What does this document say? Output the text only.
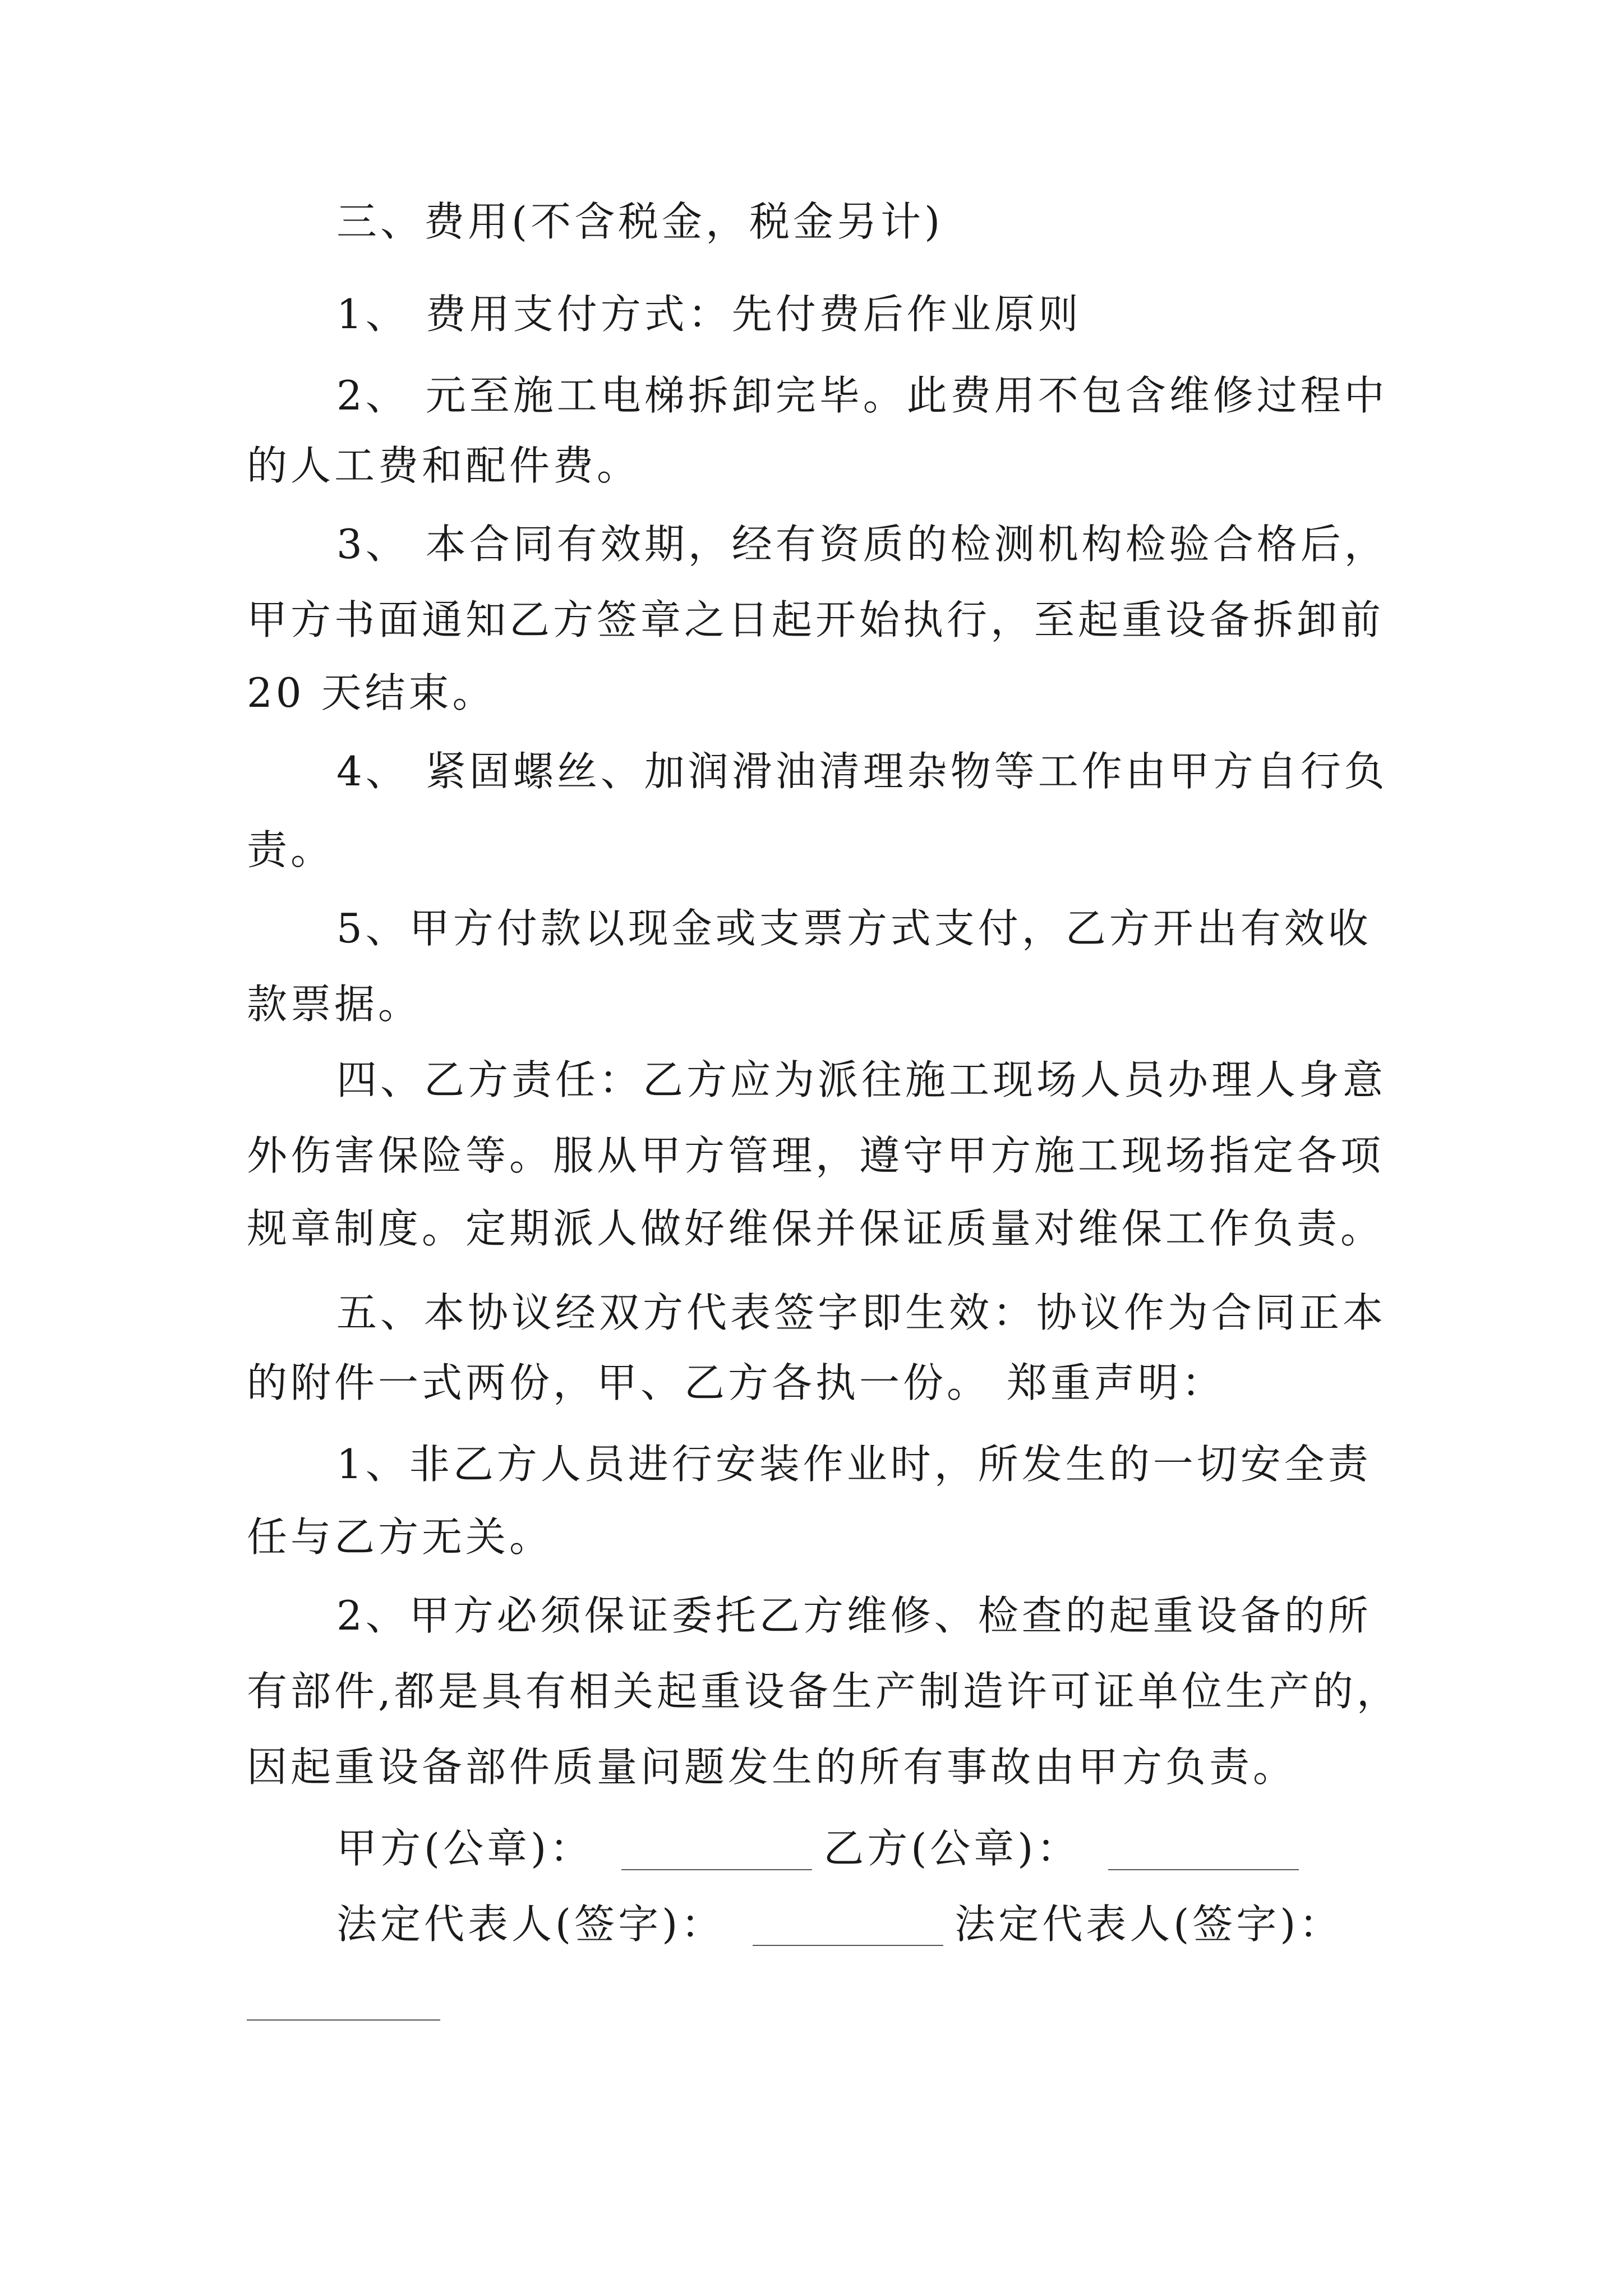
三、费用(不含税金，税金另计)
1、 费用支付方式：先付费后作业原则
2、 元至施工电梯拆卸完毕。此费用不包含维修过程中
的人工费和配件费。
3、 本合同有效期，经有资质的检测机构检验合格后，
甲方书面通知乙方签章之日起开始执行，至起重设备拆卸前
20 天结束。
4、 紧固螺丝、加润滑油清理杂物等工作由甲方自行负
责。
5、甲方付款以现金或支票方式支付，乙方开出有效收
款票据。
四、乙方责任：乙方应为派往施工现场人员办理人身意
外伤害保险等。服从甲方管理，遵守甲方施工现场指定各项
规章制度。定期派人做好维保并保证质量对维保工作负责。
五、本协议经双方代表签字即生效：协议作为合同正本
的附件一式两份，甲、乙方各执一份。 郑重声明：
1、非乙方人员进行安装作业时，所发生的一切安全责
任与乙方无关。
2、甲方必须保证委托乙方维修、检查的起重设备的所
有部件,都是具有相关起重设备生产制造许可证单位生产的，
因起重设备部件质量问题发生的所有事故由甲方负责。
甲方(公章)：	乙方(公章)：
法定代表人(签字)：	法定代表人(签字)：
